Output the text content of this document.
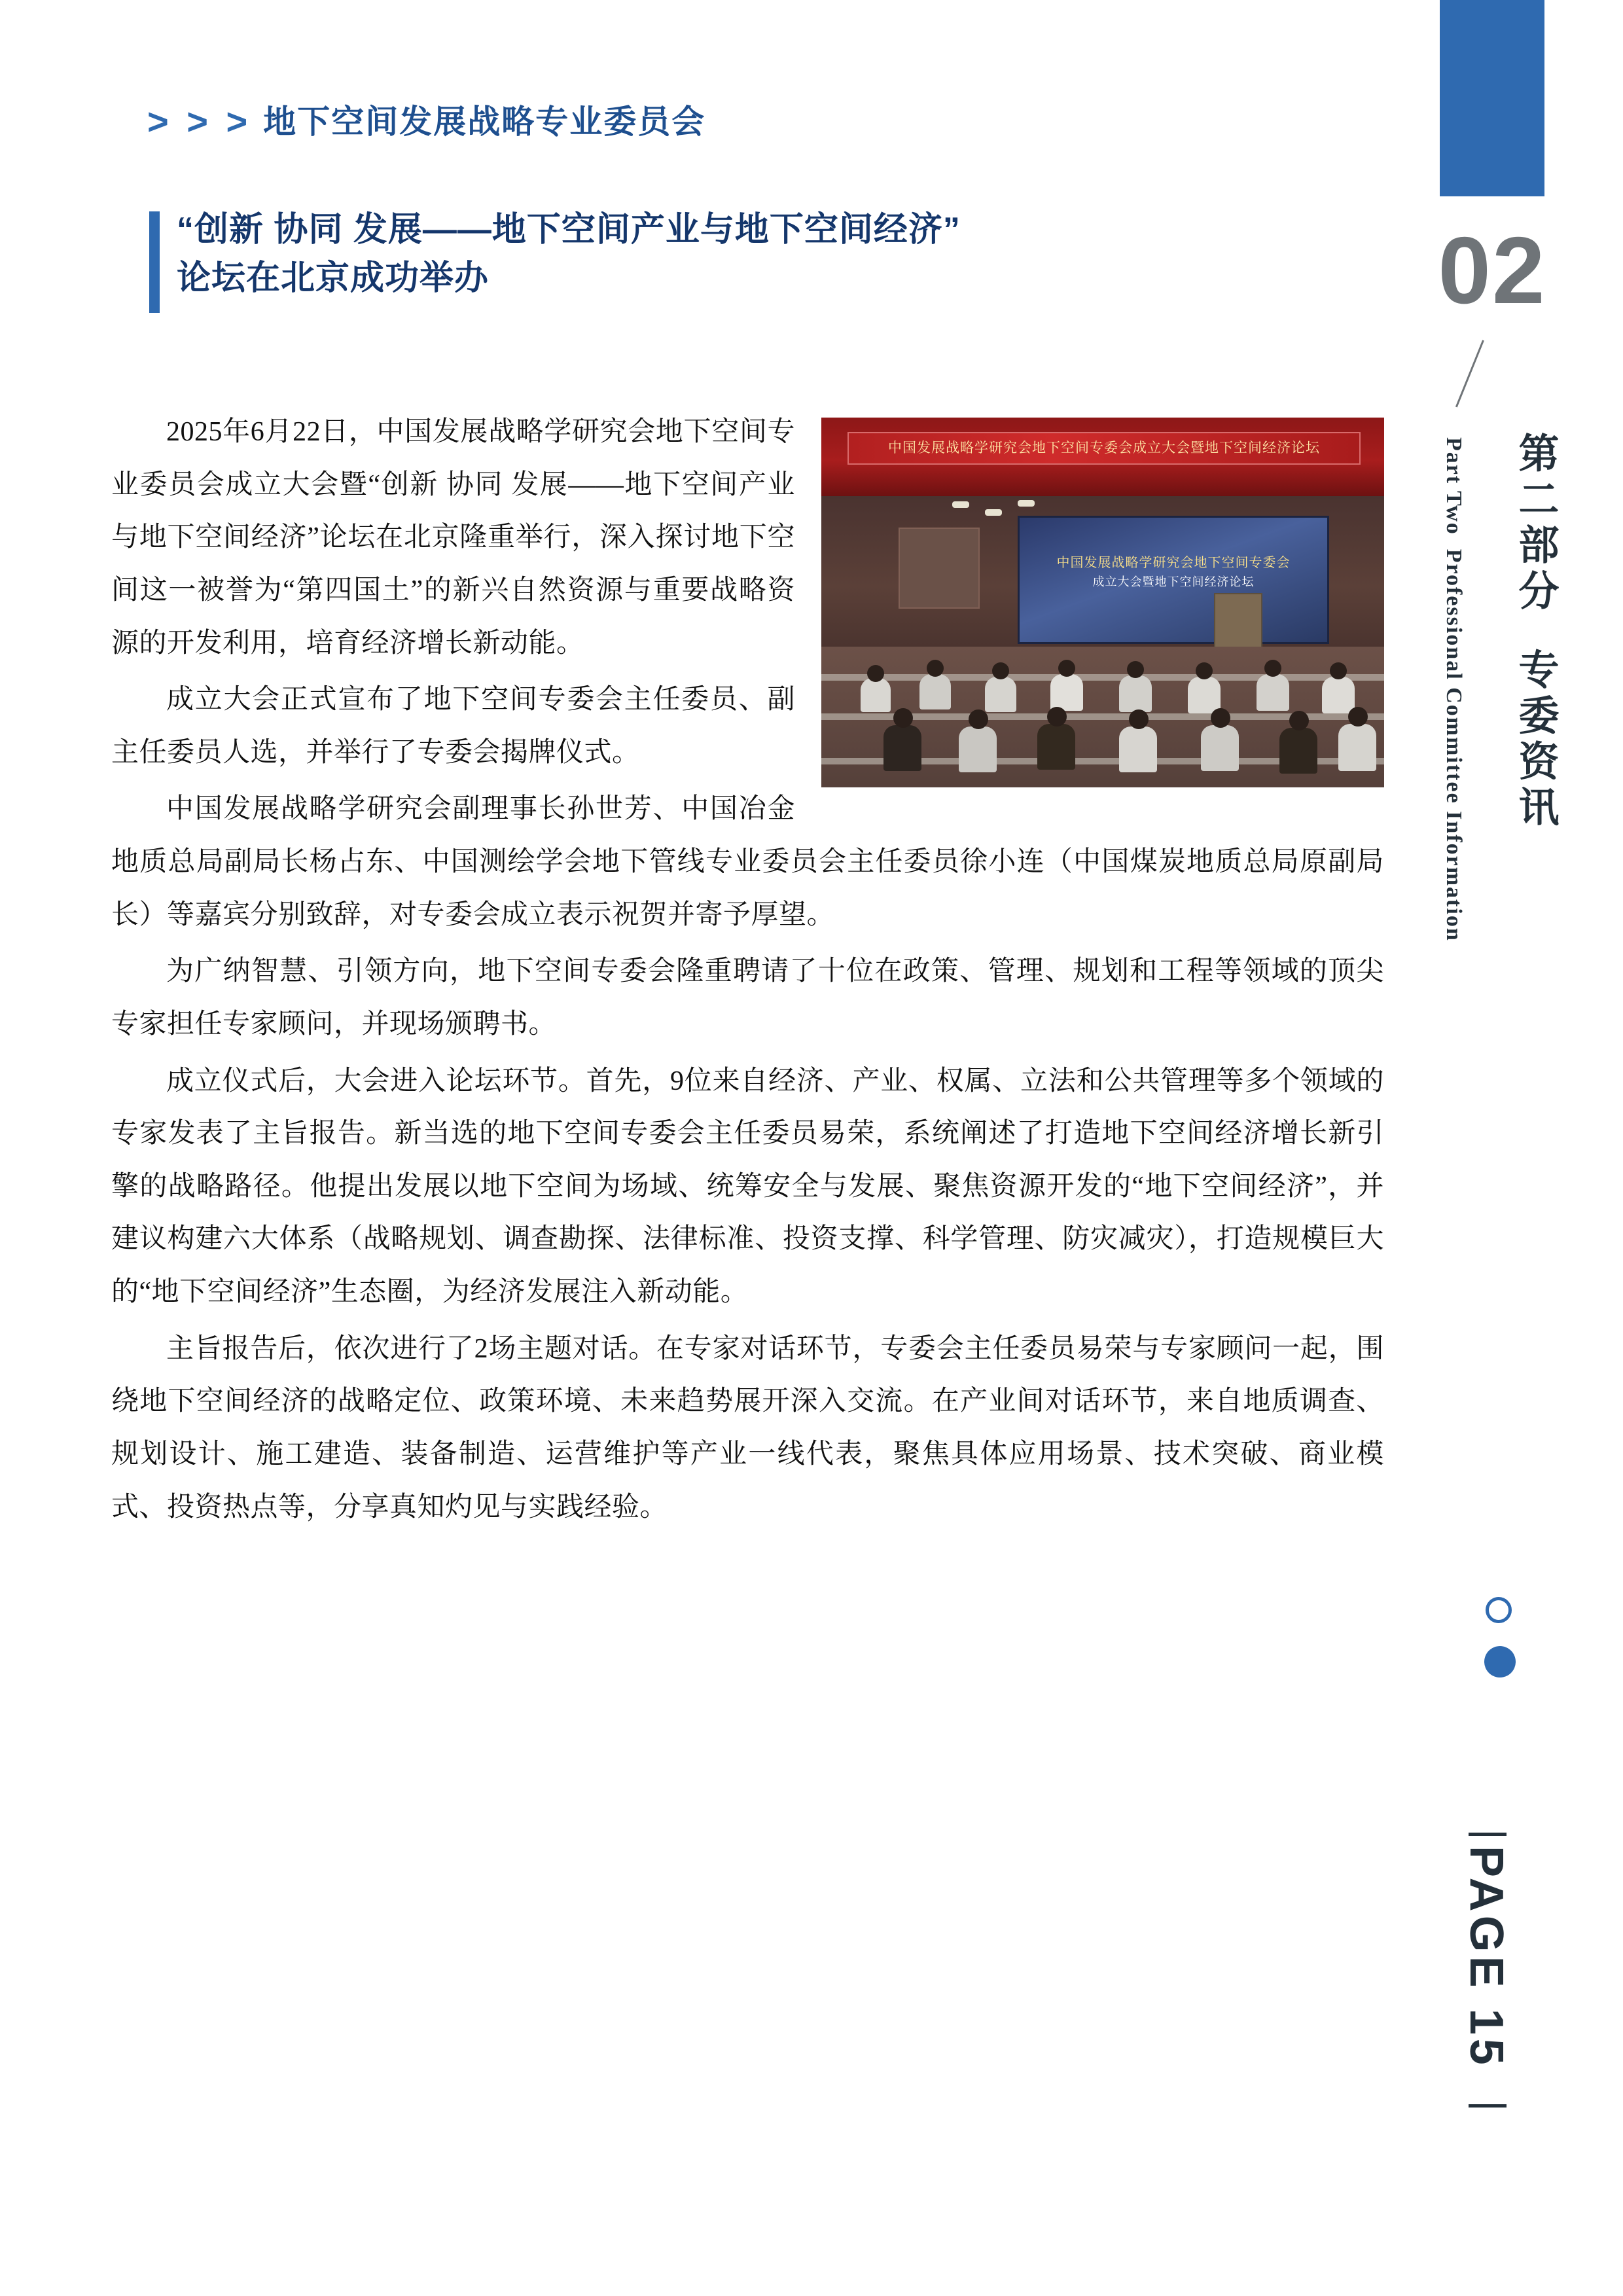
02
第二部分  专委资讯
Part Two  Professional Committee Information
PAGE 15
> > > 地下空间发展战略专业委员会
“创新 协同 发展——地下空间产业与地下空间经济”
论坛在北京成功举办
中国发展战略学研究会地下空间专委会成立大会暨地下空间经济论坛
中国发展战略学研究会地下空间专委会
成立大会暨地下空间经济论坛

2025年6月22日，中国发展战略学研究会地下空间专业委员会成立大会暨“创新 协同 发展——地下空间产业与地下空间经济”论坛在北京隆重举行，深入探讨地下空间这一被誉为“第四国土”的新兴自然资源与重要战略资源的开发利用，培育经济增长新动能。

成立大会正式宣布了地下空间专委会主任委员、副主任委员人选，并举行了专委会揭牌仪式。

中国发展战略学研究会副理事长孙世芳、中国冶金地质总局副局长杨占东、中国测绘学会地下管线专业委员会主任委员徐小连（中国煤炭地质总局原副局长）等嘉宾分别致辞，对专委会成立表示祝贺并寄予厚望。

为广纳智慧、引领方向，地下空间专委会隆重聘请了十位在政策、管理、规划和工程等领域的顶尖专家担任专家顾问，并现场颁聘书。

成立仪式后，大会进入论坛环节。首先，9位来自经济、产业、权属、立法和公共管理等多个领域的专家发表了主旨报告。新当选的地下空间专委会主任委员易荣，系统阐述了打造地下空间经济增长新引擎的战略路径。他提出发展以地下空间为场域、统筹安全与发展、聚焦资源开发的“地下空间经济”，并建议构建六大体系（战略规划、调查勘探、法律标准、投资支撑、科学管理、防灾减灾），打造规模巨大的“地下空间经济”生态圈，为经济发展注入新动能。

主旨报告后，依次进行了2场主题对话。在专家对话环节，专委会主任委员易荣与专家顾问一起，围绕地下空间经济的战略定位、政策环境、未来趋势展开深入交流。在产业间对话环节，来自地质调查、规划设计、施工建造、装备制造、运营维护等产业一线代表，聚焦具体应用场景、技术突破、商业模式、投资热点等，分享真知灼见与实践经验。
